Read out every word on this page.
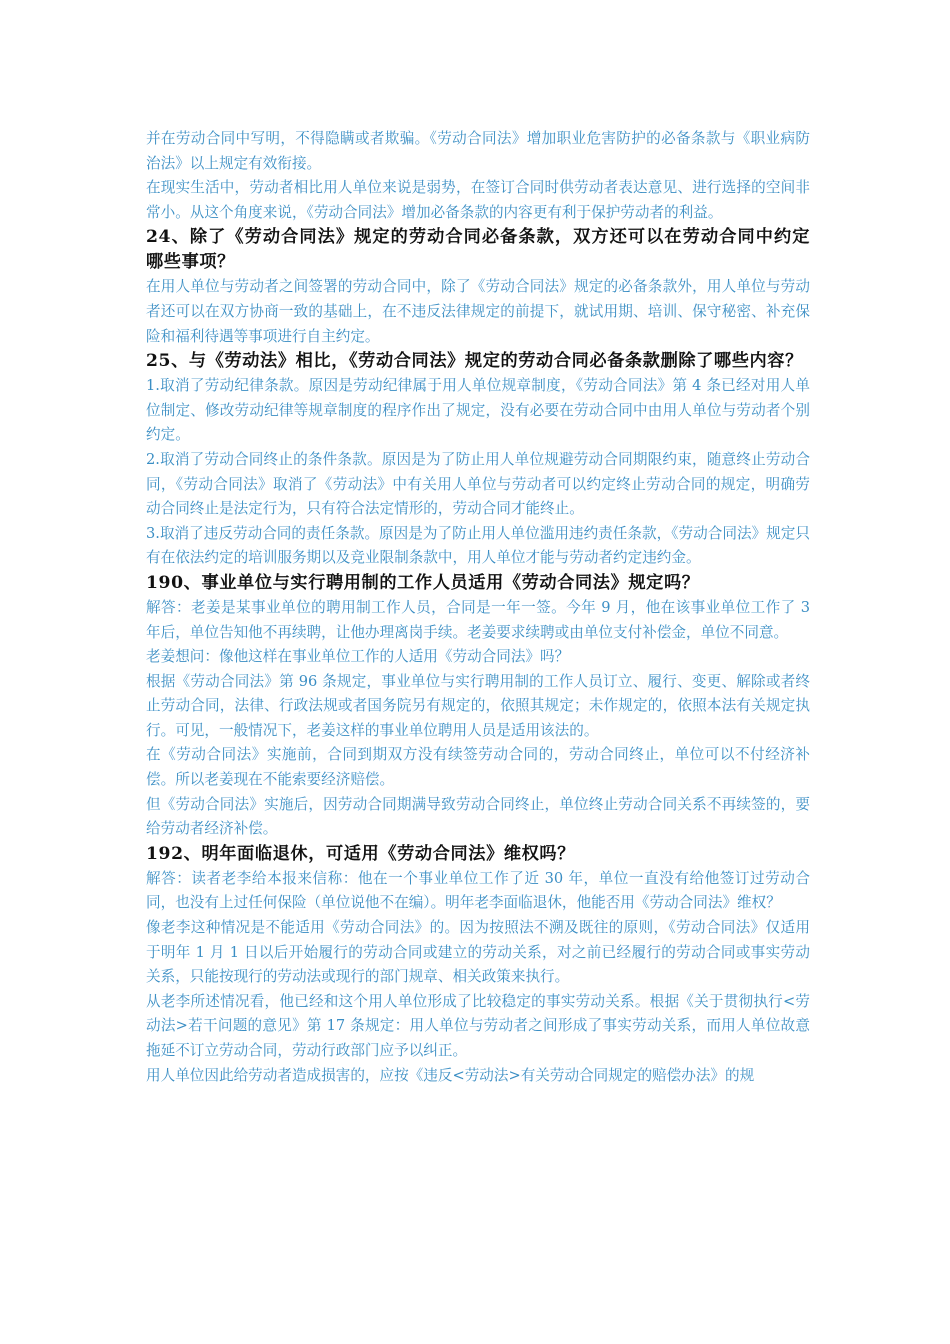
并在劳动合同中写明，不得隐瞒或者欺骗。《劳动合同法》增加职业危害防护的必备条款与《职业病防治法》以上规定有效衔接。

在现实生活中，劳动者相比用人单位来说是弱势，在签订合同时供劳动者表达意见、进行选择的空间非常小。从这个角度来说，《劳动合同法》增加必备条款的内容更有利于保护劳动者的利益。

24、除了《劳动合同法》规定的劳动合同必备条款，双方还可以在劳动合同中约定哪些事项？

在用人单位与劳动者之间签署的劳动合同中，除了《劳动合同法》规定的必备条款外，用人单位与劳动者还可以在双方协商一致的基础上，在不违反法律规定的前提下，就试用期、培训、保守秘密、补充保险和福利待遇等事项进行自主约定。

25、与《劳动法》相比，《劳动合同法》规定的劳动合同必备条款删除了哪些内容？

1.取消了劳动纪律条款。原因是劳动纪律属于用人单位规章制度，《劳动合同法》第 4 条已经对用人单位制定、修改劳动纪律等规章制度的程序作出了规定，没有必要在劳动合同中由用人单位与劳动者个别约定。

2.取消了劳动合同终止的条件条款。原因是为了防止用人单位规避劳动合同期限约束，随意终止劳动合同，《劳动合同法》取消了《劳动法》中有关用人单位与劳动者可以约定终止劳动合同的规定，明确劳动合同终止是法定行为，只有符合法定情形的，劳动合同才能终止。

3.取消了违反劳动合同的责任条款。原因是为了防止用人单位滥用违约责任条款，《劳动合同法》规定只有在依法约定的培训服务期以及竞业限制条款中，用人单位才能与劳动者约定违约金。

190、事业单位与实行聘用制的工作人员适用《劳动合同法》规定吗？

解答：老姜是某事业单位的聘用制工作人员，合同是一年一签。今年 9 月，他在该事业单位工作了 3 年后，单位告知他不再续聘，让他办理离岗手续。老姜要求续聘或由单位支付补偿金，单位不同意。

老姜想问：像他这样在事业单位工作的人适用《劳动合同法》吗？

根据《劳动合同法》第 96 条规定，事业单位与实行聘用制的工作人员订立、履行、变更、解除或者终止劳动合同，法律、行政法规或者国务院另有规定的，依照其规定；未作规定的，依照本法有关规定执行。可见，一般情况下，老姜这样的事业单位聘用人员是适用该法的。

在《劳动合同法》实施前，合同到期双方没有续签劳动合同的，劳动合同终止，单位可以不付经济补偿。所以老姜现在不能索要经济赔偿。

但《劳动合同法》实施后，因劳动合同期满导致劳动合同终止，单位终止劳动合同关系不再续签的，要给劳动者经济补偿。

192、明年面临退休，可适用《劳动合同法》维权吗？

解答：读者老李给本报来信称：他在一个事业单位工作了近 30 年，单位一直没有给他签订过劳动合同，也没有上过任何保险（单位说他不在编）。明年老李面临退休，他能否用《劳动合同法》维权？

像老李这种情况是不能适用《劳动合同法》的。因为按照法不溯及既往的原则，《劳动合同法》仅适用于明年 1 月 1 日以后开始履行的劳动合同或建立的劳动关系，对之前已经履行的劳动合同或事实劳动关系，只能按现行的劳动法或现行的部门规章、相关政策来执行。

从老李所述情况看，他已经和这个用人单位形成了比较稳定的事实劳动关系。根据《关于贯彻执行<劳动法>若干问题的意见》第 17 条规定：用人单位与劳动者之间形成了事实劳动关系，而用人单位故意拖延不订立劳动合同，劳动行政部门应予以纠正。

用人单位因此给劳动者造成损害的，应按《违反<劳动法>有关劳动合同规定的赔偿办法》的规
